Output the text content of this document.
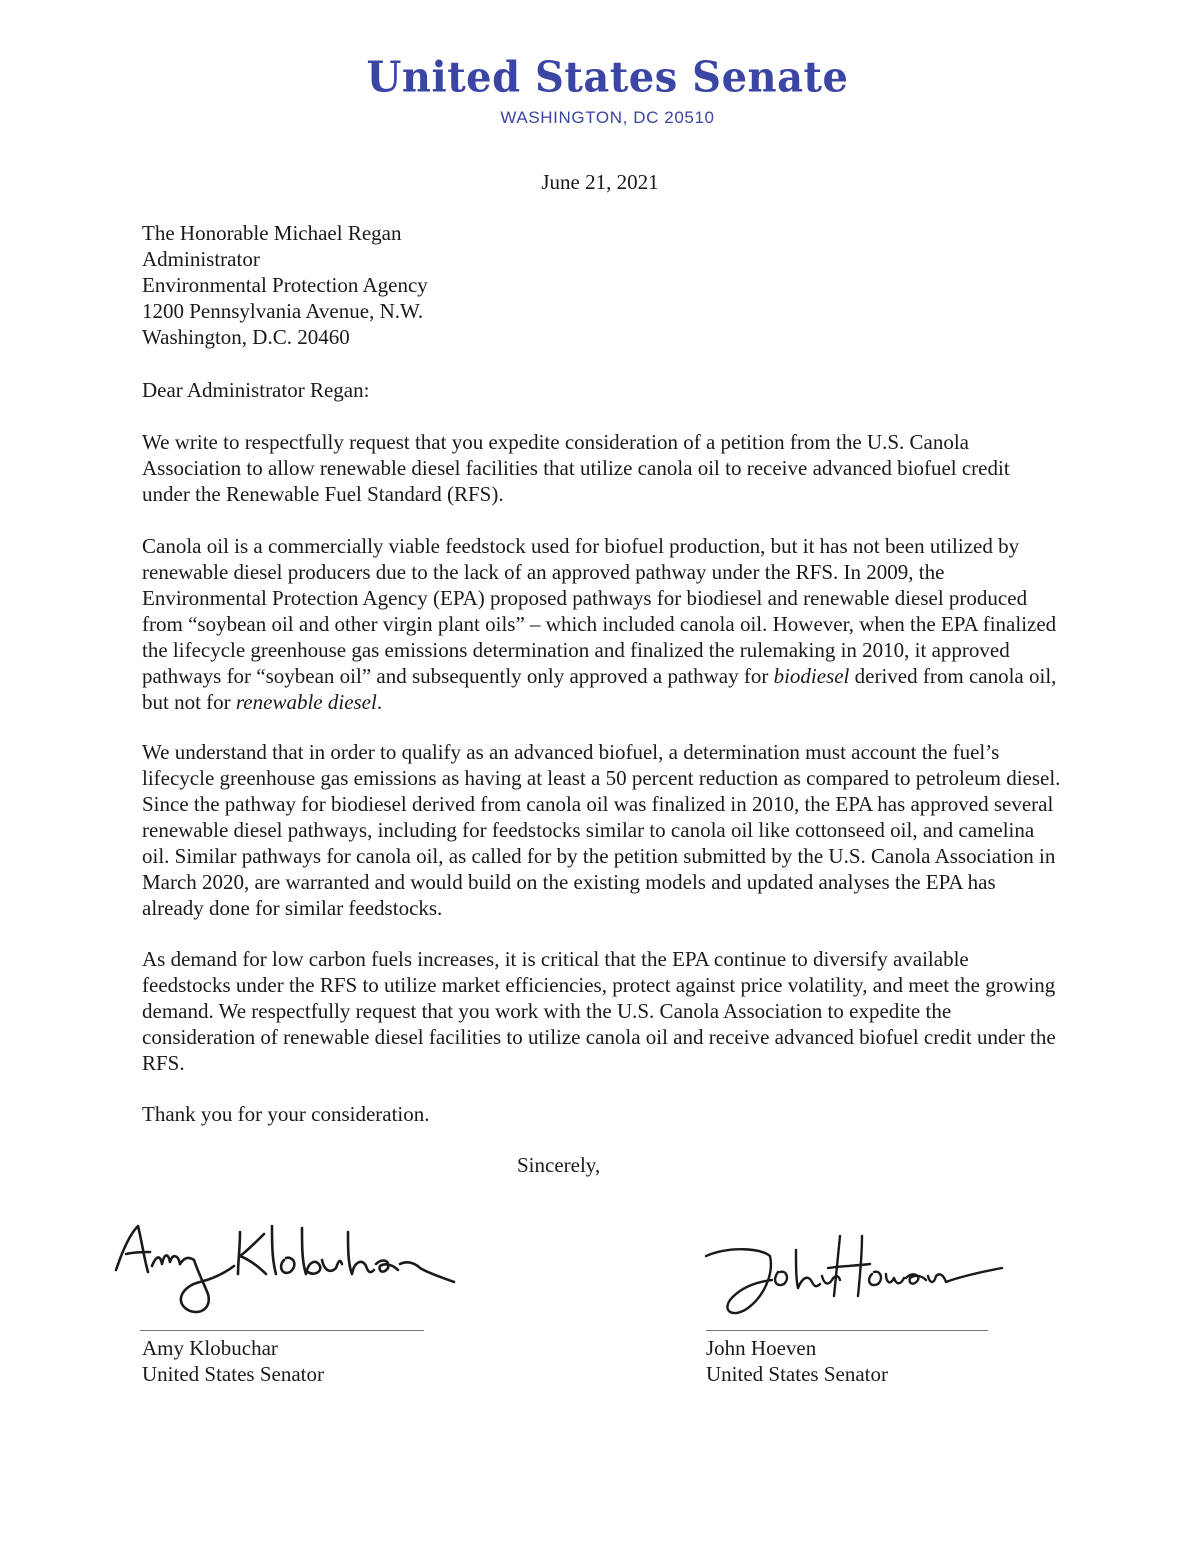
United States Senate
WASHINGTON, DC 20510
June 21, 2021
The Honorable Michael Regan
Administrator
Environmental Protection Agency
1200 Pennsylvania Avenue, N.W.
Washington, D.C. 20460
Dear Administrator Regan:

We write to respectfully request that you expedite consideration of a petition from the U.S. Canola Association to allow renewable diesel facilities that utilize canola oil to receive advanced biofuel credit under the Renewable Fuel Standard (RFS).

Canola oil is a commercially viable feedstock used for biofuel production, but it has not been utilized by renewable diesel producers due to the lack of an approved pathway under the RFS. In 2009, the Environmental Protection Agency (EPA) proposed pathways for biodiesel and renewable diesel produced from “soybean oil and other virgin plant oils” – which included canola oil. However, when the EPA finalized the lifecycle greenhouse gas emissions determination and finalized the rulemaking in 2010, it approved pathways for “soybean oil” and subsequently only approved a pathway for biodiesel derived from canola oil, but not for renewable diesel.

We understand that in order to qualify as an advanced biofuel, a determination must account the fuel’s lifecycle greenhouse gas emissions as having at least a 50 percent reduction as compared to petroleum diesel. Since the pathway for biodiesel derived from canola oil was finalized in 2010, the EPA has approved several renewable diesel pathways, including for feedstocks similar to canola oil like cottonseed oil, and camelina oil. Similar pathways for canola oil, as called for by the petition submitted by the U.S. Canola Association in March 2020, are warranted and would build on the existing models and updated analyses the EPA has already done for similar feedstocks.

As demand for low carbon fuels increases, it is critical that the EPA continue to diversify available feedstocks under the RFS to utilize market efficiencies, protect against price volatility, and meet the growing demand. We respectfully request that you work with the U.S. Canola Association to expedite the consideration of renewable diesel facilities to utilize canola oil and receive advanced biofuel credit under the RFS.

Thank you for your consideration.
Sincerely,
Amy Klobuchar
United States Senator
John Hoeven
United States Senator
